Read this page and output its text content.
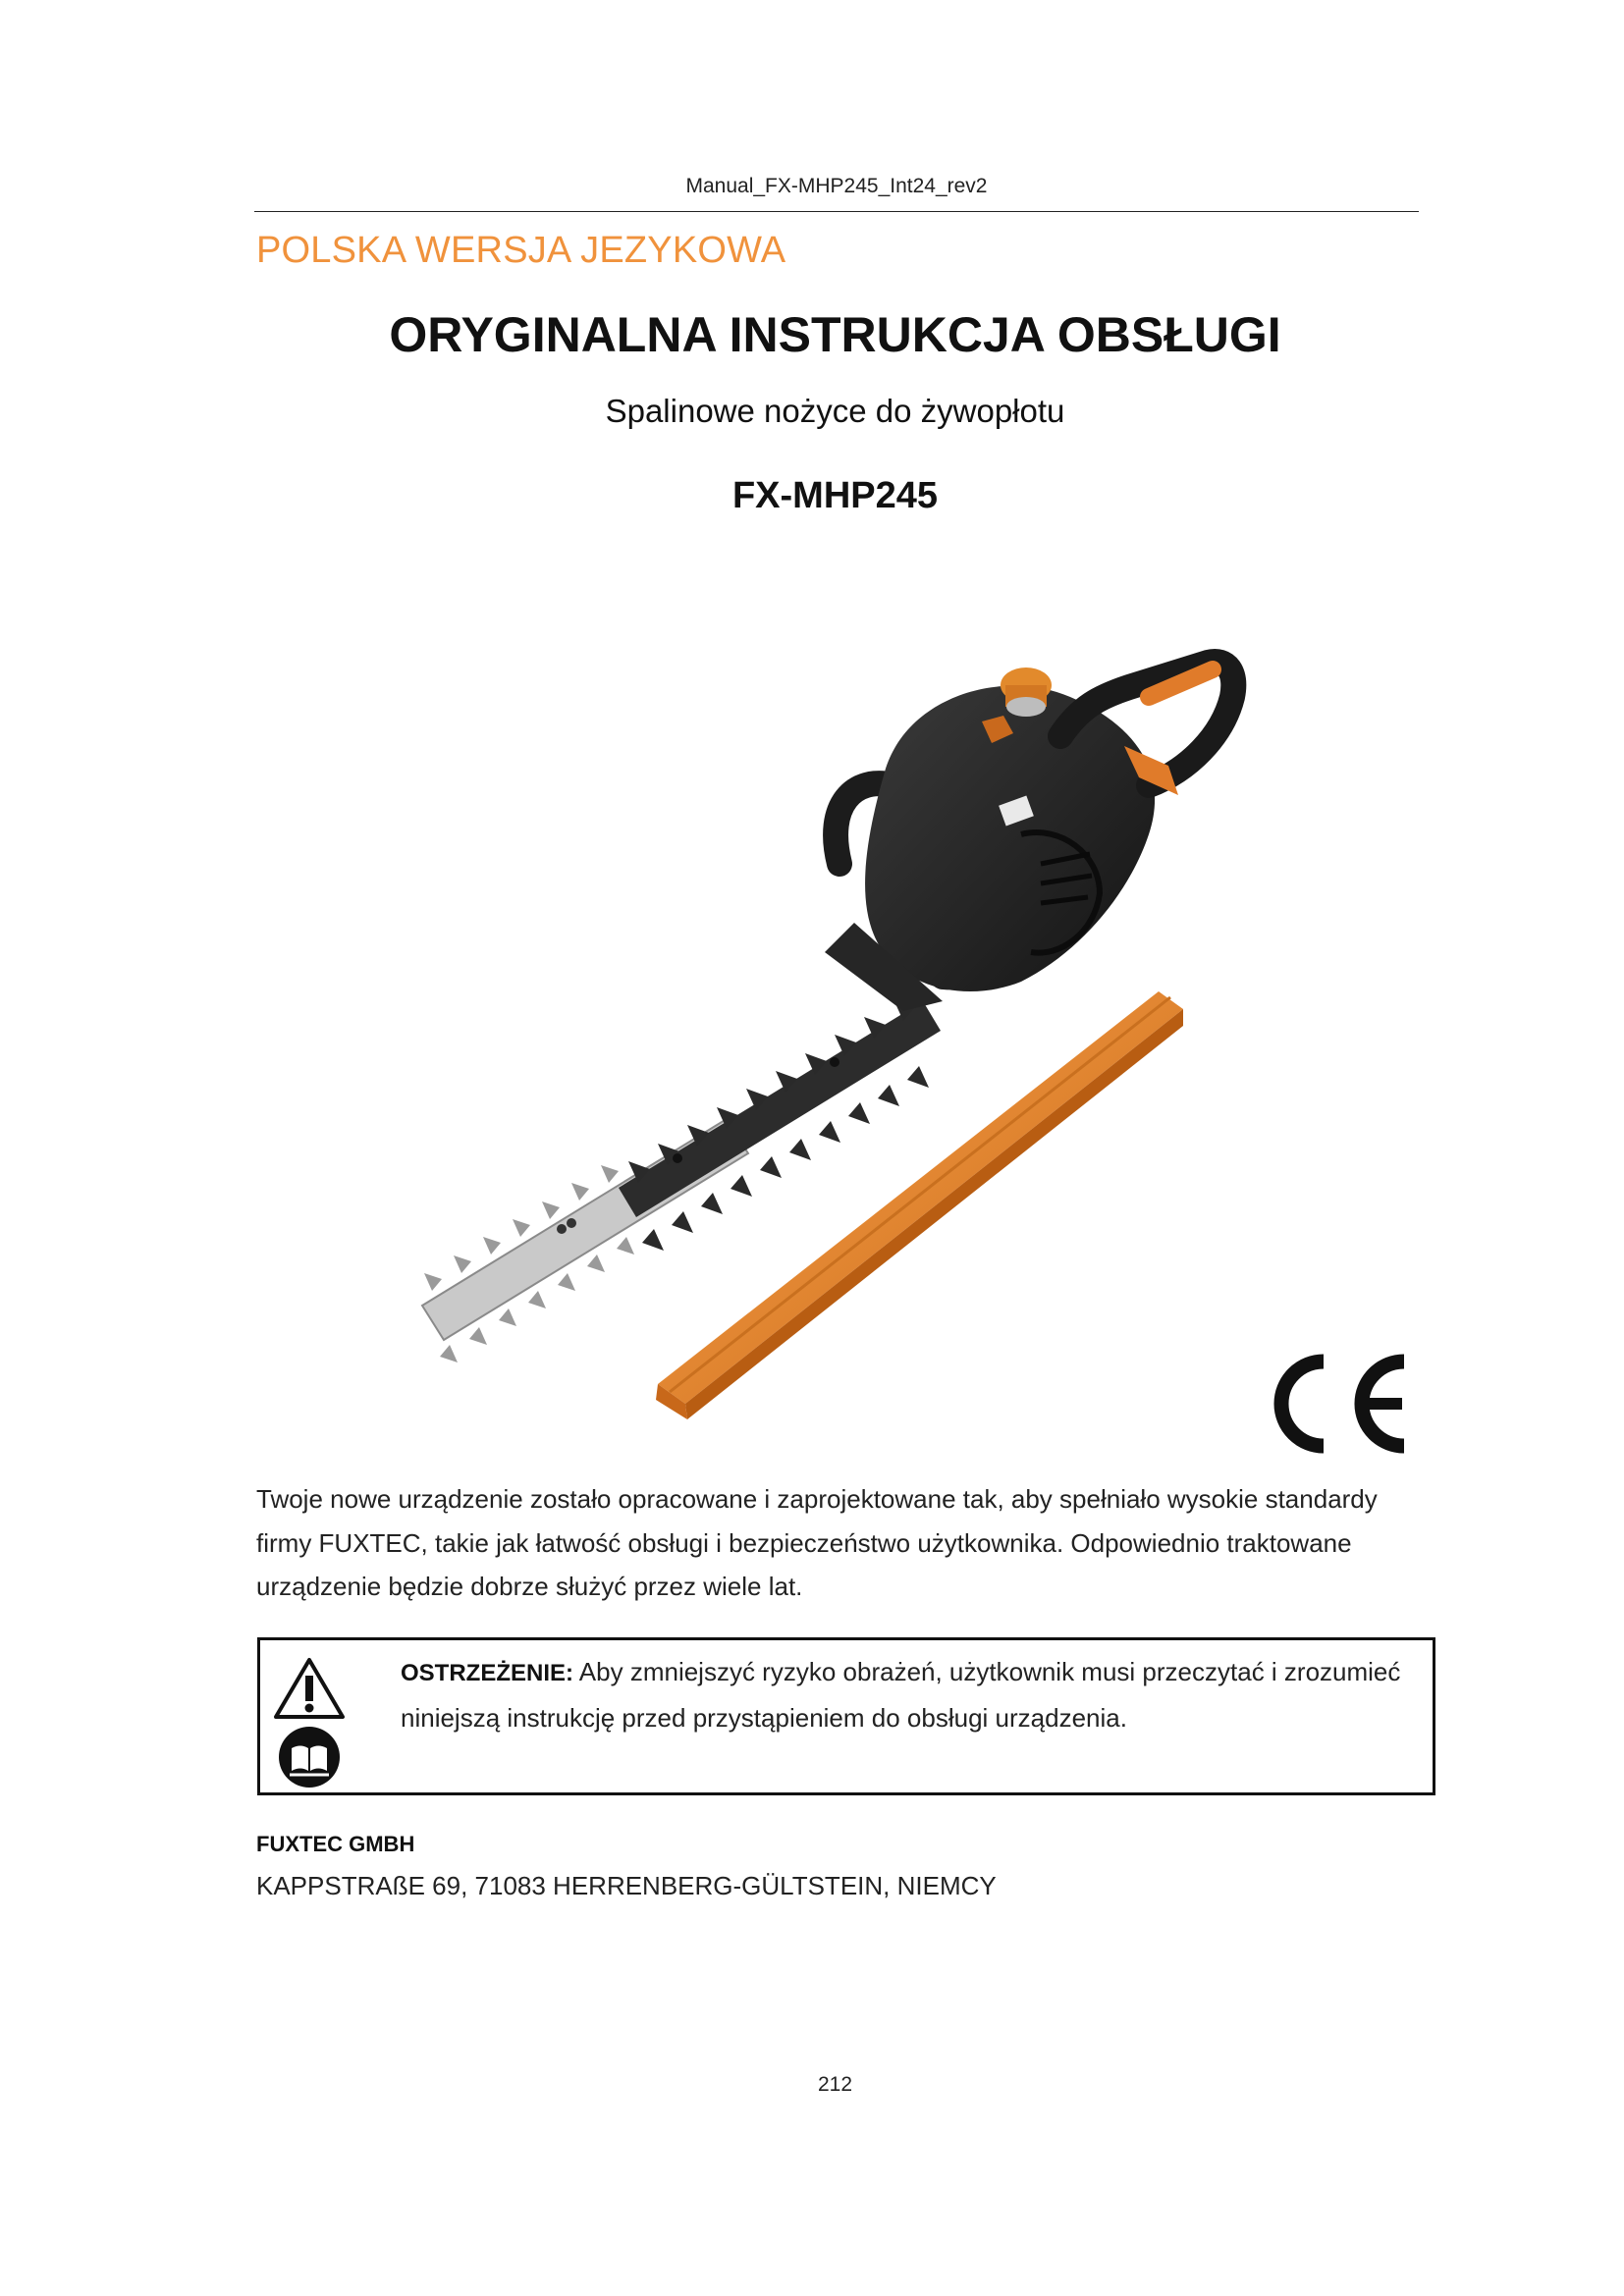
Manual_FX-MHP245_Int24_rev2
POLSKA WERSJA JEZYKOWA
ORYGINALNA INSTRUKCJA OBSŁUGI
Spalinowe nożyce do żywopłotu
FX-MHP245
Twoje nowe urządzenie zostało opracowane i zaprojektowane tak, aby spełniało wysokie standardy firmy FUXTEC, takie jak łatwość obsługi i bezpieczeństwo użytkownika. Odpowiednio traktowane urządzenie będzie dobrze służyć przez wiele lat.
OSTRZEŻENIE: Aby zmniejszyć ryzyko obrażeń, użytkownik musi przeczytać i zrozumieć niniejszą instrukcję przed przystąpieniem do obsługi urządzenia.
FUXTEC GMBH
KAPPSTRAßE 69, 71083 HERRENBERG-GÜLTSTEIN, NIEMCY
212
